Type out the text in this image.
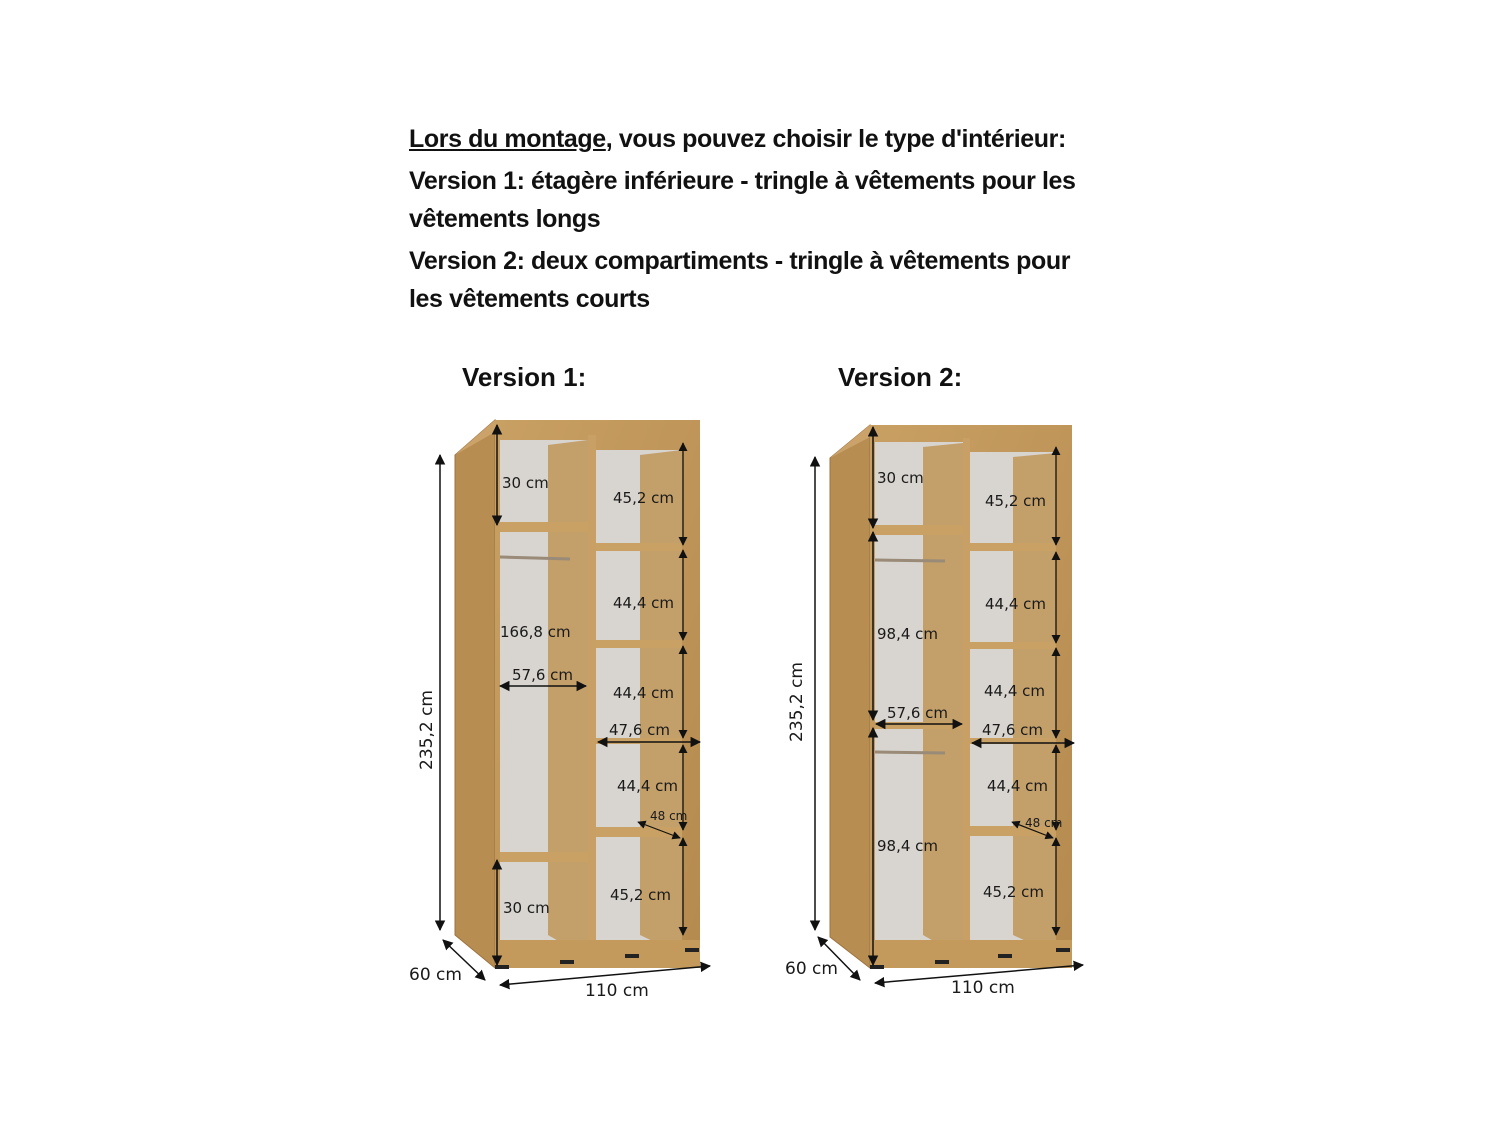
Lors du montage, vous pouvez choisir le type d'intérieur:

Version 1: étagère inférieure - tringle à vêtements pour les vêtements longs

Version 2: deux compartiments - tringle à vêtements pour les vêtements courts

Version 1:	Version 2:
235,2 cm
60 cm
110 cm
30 cm
166,8 cm
57,6 cm
30 cm
45,2 cm
44,4 cm
44,4 cm
47,6 cm
44,4 cm
48 cm
45,2 cm
235,2 cm
60 cm
110 cm
30 cm
98,4 cm
57,6 cm
98,4 cm
45,2 cm
44,4 cm
44,4 cm
47,6 cm
44,4 cm
48 cm
45,2 cm
